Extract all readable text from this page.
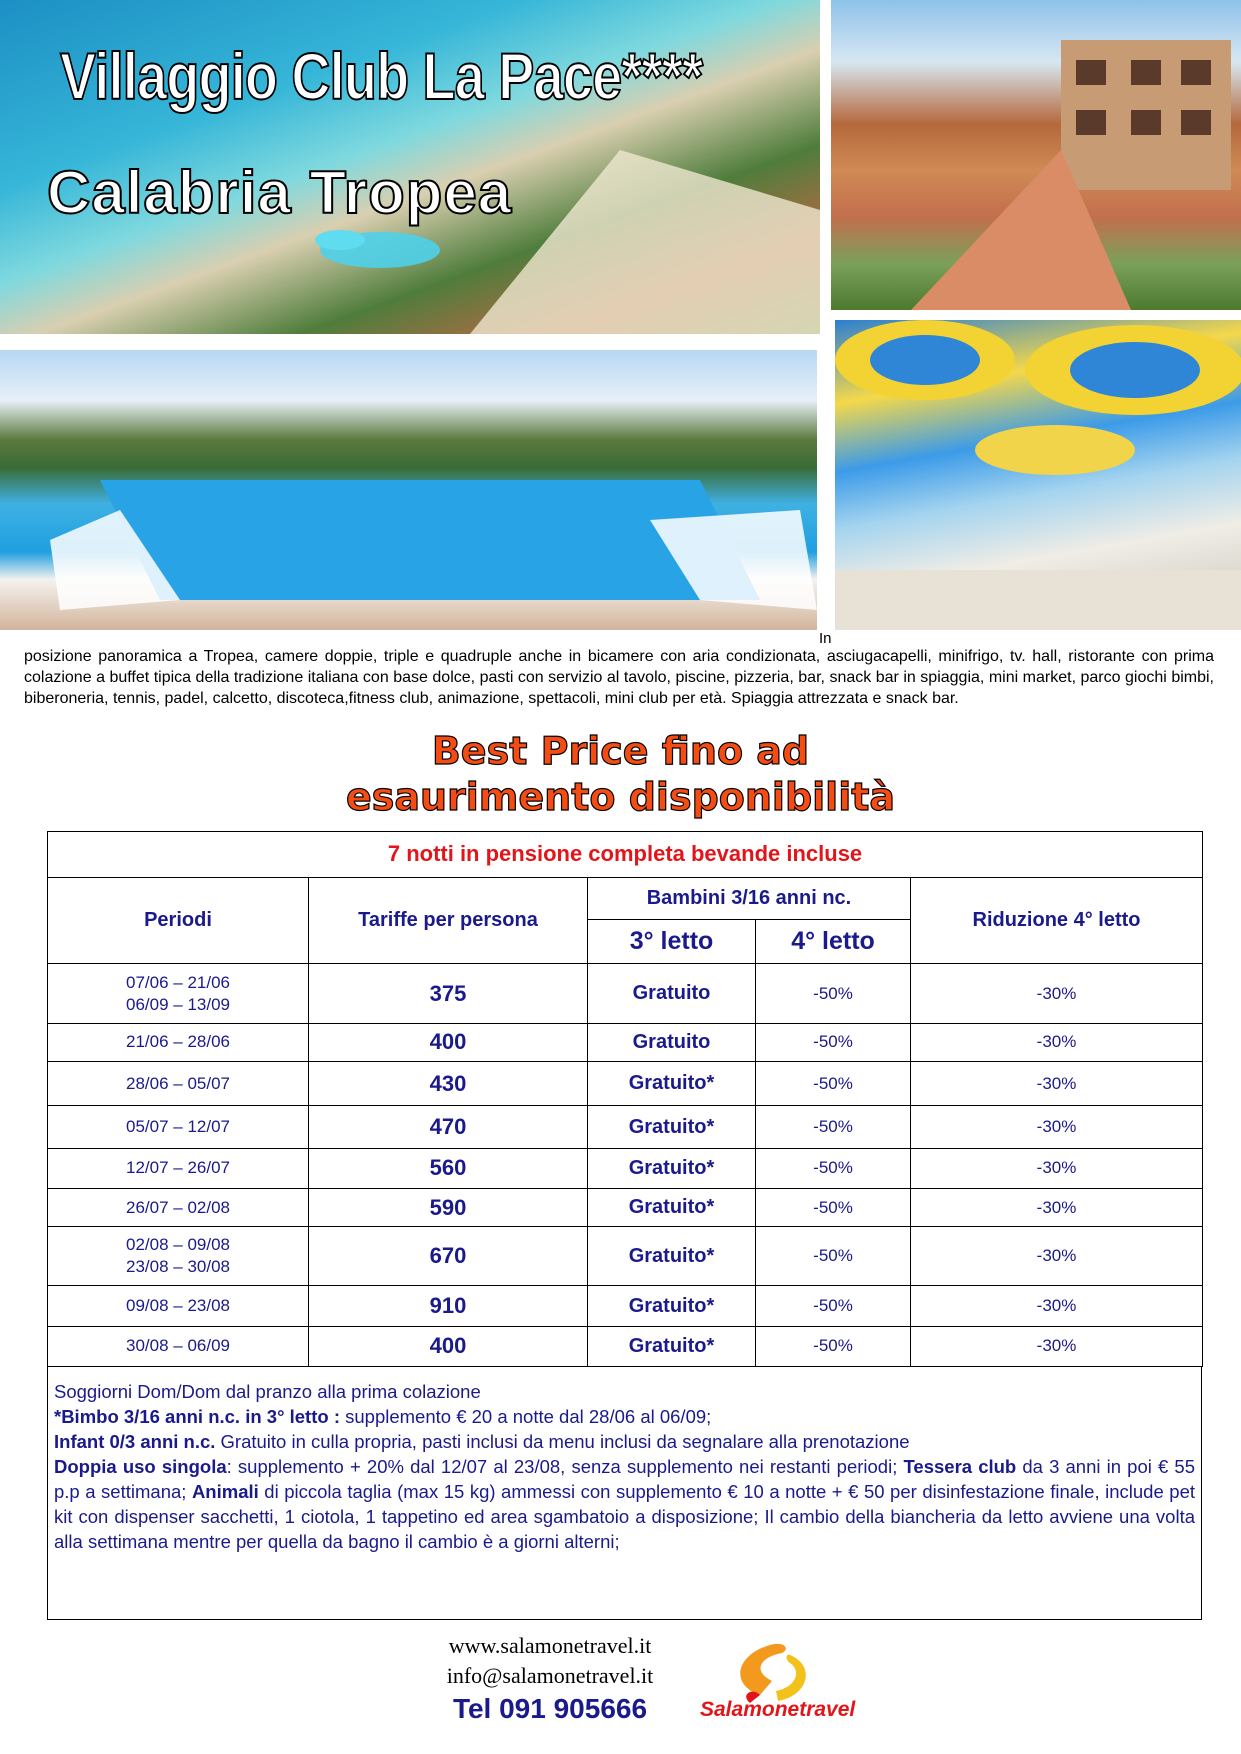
Villaggio Club La Pace****
Calabria Tropea
In

posizione panoramica a Tropea, camere doppie, triple e quadruple anche in bicamere con aria condizionata, asciugacapelli, minifrigo, tv. hall, ristorante con prima colazione a buffet tipica della tradizione italiana con base dolce, pasti con servizio al tavolo, piscine, pizzeria, bar, snack bar in spiaggia, mini market, parco giochi bimbi, biberoneria, tennis, padel, calcetto, discoteca,fitness club, animazione, spettacoli, mini club per età. Spiaggia attrezzata e snack bar.

Best Price fino ad
esaurimento disponibilità
7 notti in pensione completa bevande incluse				
Periodi	Tariffe per persona	Bambini 3/16 anni nc.		Riduzione 4° letto
		3° letto	4° letto	

07/06 – 21/06
06/09 – 13/09	375	Gratuito	-50%	-30%
21/06 – 28/06	400	Gratuito	-50%	-30%
28/06 – 05/07	430	Gratuito*	-50%	-30%
05/07 – 12/07	470	Gratuito*	-50%	-30%
12/07 – 26/07	560	Gratuito*	-50%	-30%
26/07 – 02/08	590	Gratuito*	-50%	-30%

02/08 – 09/08
23/08 – 30/08	670	Gratuito*	-50%	-30%
09/08 – 23/08	910	Gratuito*	-50%	-30%
30/08 – 06/09	400	Gratuito*	-50%	-30%

Soggiorni Dom/Dom dal pranzo alla prima colazione

*Bimbo 3/16 anni n.c. in 3° letto : supplemento € 20 a notte dal 28/06 al 06/09;

Infant 0/3 anni n.c. Gratuito in culla propria, pasti inclusi da menu inclusi da segnalare alla prenotazione

Doppia uso singola: supplemento + 20% dal 12/07 al 23/08, senza supplemento nei restanti periodi; Tessera club da 3 anni in poi € 55 p.p a settimana; Animali di piccola taglia (max 15 kg) ammessi con supplemento € 10 a notte + € 50 per disinfestazione finale, include pet kit con dispenser sacchetti, 1 ciotola, 1 tappetino ed area sgambatoio a disposizione; Il cambio della biancheria da letto avviene una volta alla settimana mentre per quella da bagno il cambio è a giorni alterni;

www.salamonetravel.it
info@salamonetravel.it
Tel 091 905666	Salamonetravel
